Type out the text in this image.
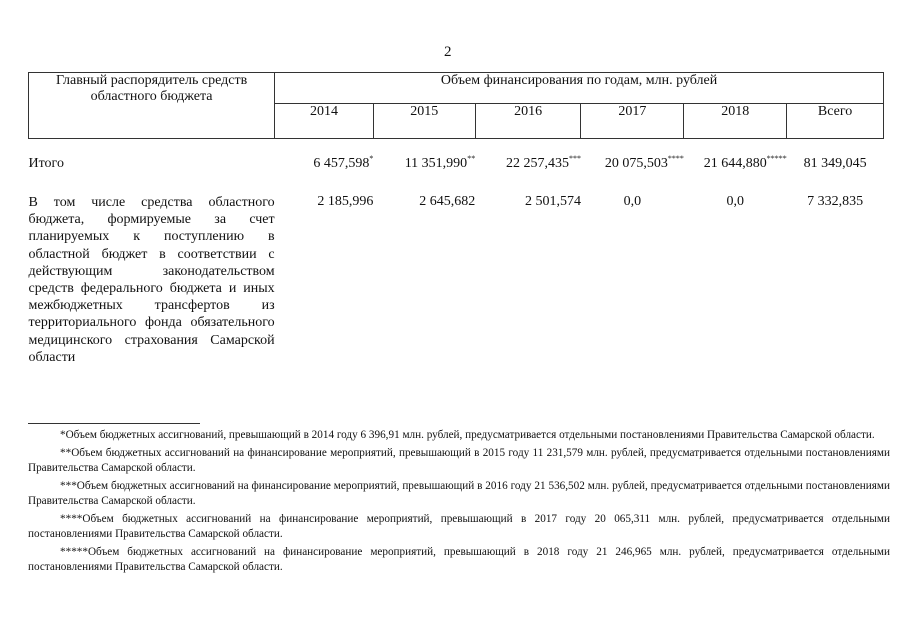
2
Главный распорядитель средств областного бюджета	Объем финансирования по годам, млн. рублей					
	2014	2015	2016	2017	2018	Всего

Итого	6 457,598*	11 351,990**	22 257,435***	20 075,503****	21 644,880*****	81 349,045
В том числе средства областного бюджета, формируемые за счет планируемых к поступлению в областной бюджет в соответствии с действующим законодательством средств федерального бюджета и иных межбюджетных трансфертов из территориального фонда обязательного медицинского страхования Самарской области	2 185,996	2 645,682	2 501,574	0,0	0,0	7 332,835

*Объем бюджетных ассигнований, превышающий в 2014 году 6 396,91 млн. рублей, предусматривается отдельными постановлениями Правительства Самарской области.

**Объем бюджетных ассигнований на финансирование мероприятий, превышающий в 2015 году 11 231,579 млн. рублей, предусматривается отдельными постановлениями Правительства Самарской области.

***Объем бюджетных ассигнований на финансирование мероприятий, превышающий в 2016 году 21 536,502 млн. рублей, предусматривается отдельными постановлениями Правительства Самарской области.

****Объем бюджетных ассигнований на финансирование мероприятий, превышающий в 2017 году 20 065,311 млн. рублей, предусматривается отдельными постановлениями Правительства Самарской области.

*****Объем бюджетных ассигнований на финансирование мероприятий, превышающий в 2018 году 21 246,965 млн. рублей, предусматривается отдельными постановлениями Правительства Самарской области.
